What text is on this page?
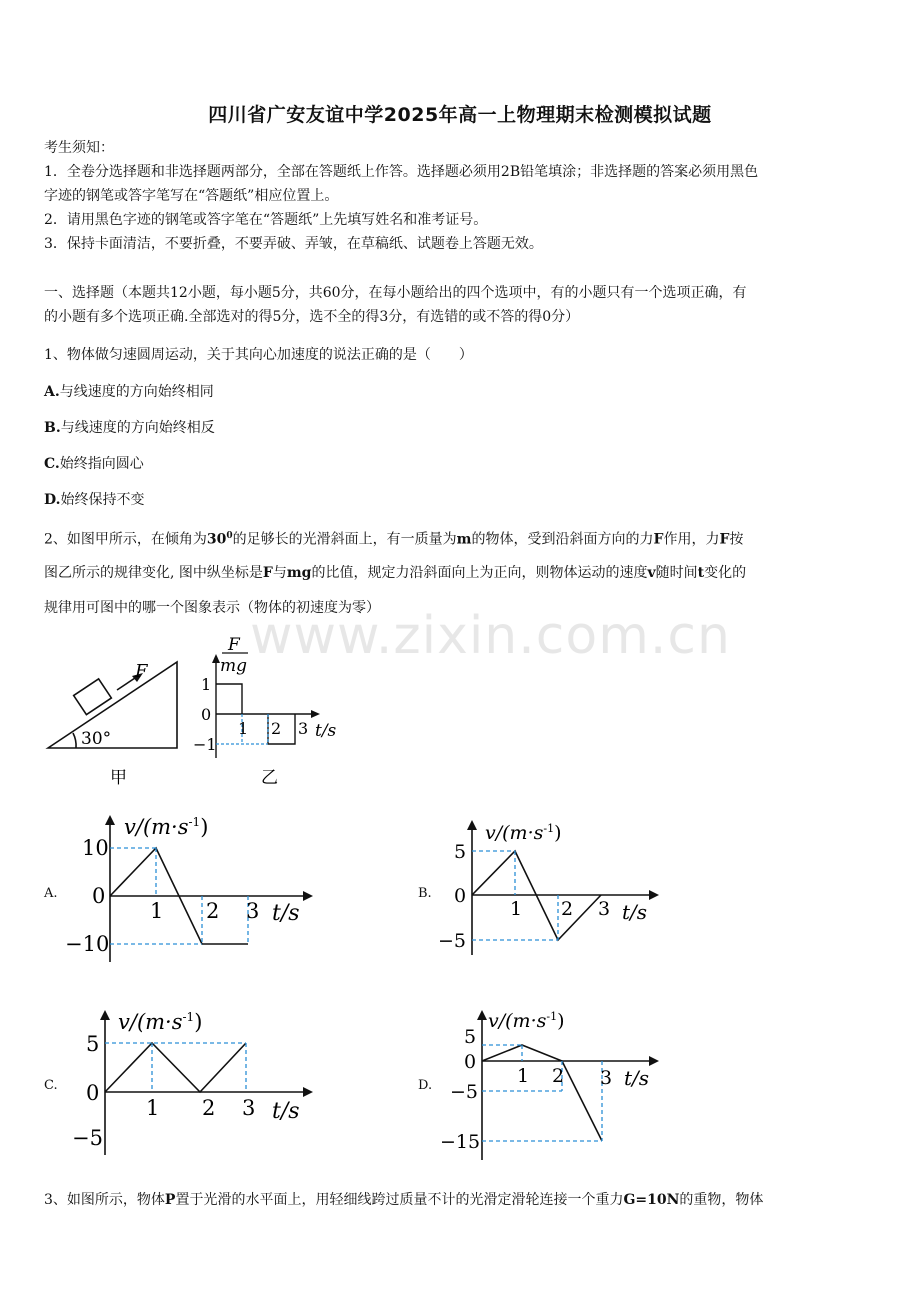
四川省广安友谊中学2025年高一上物理期末检测模拟试题
考生须知：
1．全卷分选择题和非选择题两部分，全部在答题纸上作答。选择题必须用2B铅笔填涂；非选择题的答案必须用黑色
字迹的钢笔或答字笔写在“答题纸”相应位置上。
2．请用黑色字迹的钢笔或答字笔在“答题纸”上先填写姓名和准考证号。
3．保持卡面清洁，不要折叠，不要弄破、弄皱，在草稿纸、试题卷上答题无效。
一、选择题（本题共12小题，每小题5分，共60分，在每小题给出的四个选项中，有的小题只有一个选项正确，有
的小题有多个选项正确.全部选对的得5分，选不全的得3分，有选错的或不答的得0分）
1、物体做匀速圆周运动，关于其向心加速度的说法正确的是（　　）
A.与线速度的方向始终相同
B.与线速度的方向始终相反
C.始终指向圆心
D.始终保持不变
2、如图甲所示，在倾角为$30^0$的足够长的光滑斜面上，有一质量为m的物体，受到沿斜面方向的力F作用，力F按
图乙所示的规律变化, 图中纵坐标是F与mg的比值，规定力沿斜面向上为正向，则物体运动的速度v随时间t变化的
规律用可图中的哪一个图象表示（物体的初速度为零）
www.zixin.com.cn
F
30°
甲
F
mg
1
0
−1
1 2 3 t/s
乙
A.
$v/(m\cdot s^{-1})$
10
0
−10
1 2 3 t/s
B.
$v/(m\cdot s^{-1})$
5
0
−5
1 2 3 t/s
C.
$v/(m\cdot s^{-1})$
5
0
−5
1 2 3 t/s
D.
$v/(m\cdot s^{-1})$
5
0
−5
−15
1 2 3 t/s
3、如图所示，物体P置于光滑的水平面上，用轻细线跨过质量不计的光滑定滑轮连接一个重力G=10N的重物，物体
